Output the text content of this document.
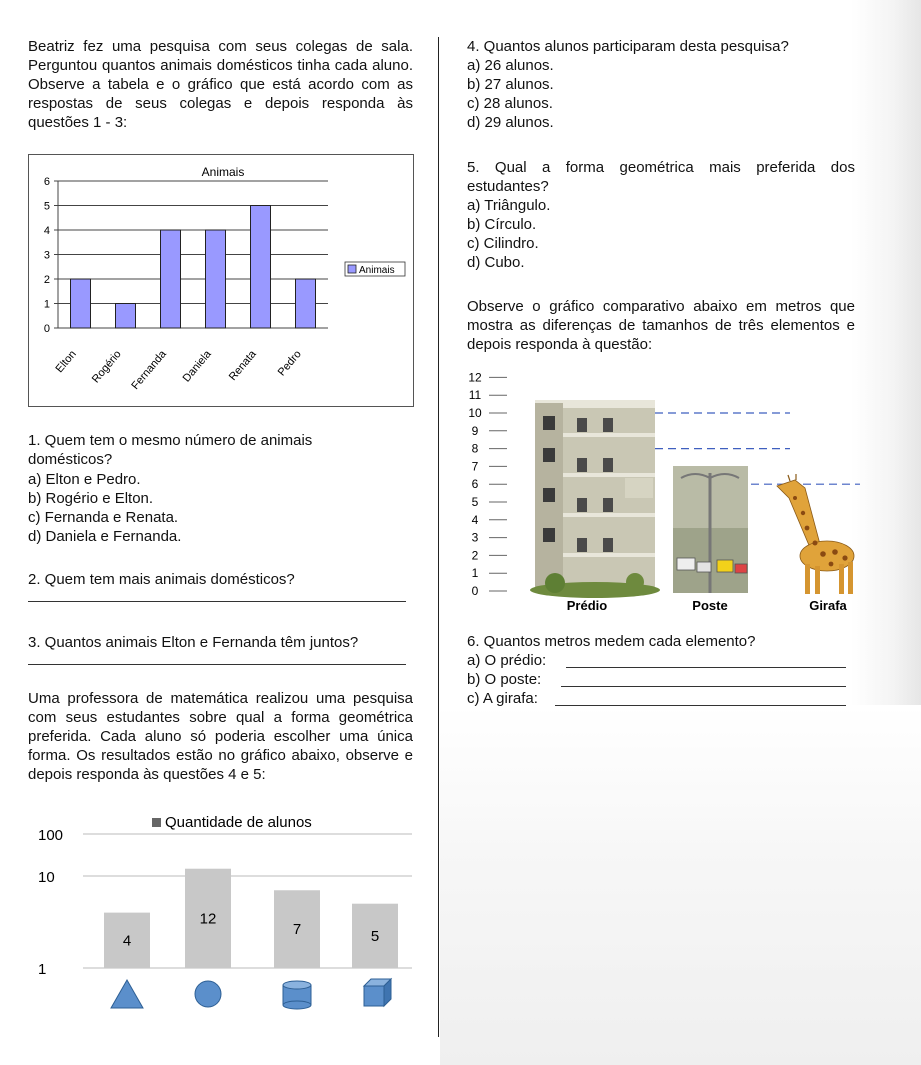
Beatriz fez uma pesquisa com seus colegas de sala. Perguntou quantos animais domésticos tinha cada aluno. Observe a tabela e o gráfico que está acordo com as respostas de seus colegas e depois responda às questões 1 - 3:
Animais
0
1
2
3
4
5
6
Elton Rogério Fernanda Daniela Renata Pedro
Animais
1. Quem tem o mesmo número de animais domésticos?
a) Elton e Pedro.
b) Rogério e Elton.
c) Fernanda e Renata.
d) Daniela e Fernanda.
2. Quem tem mais animais domésticos?
3. Quantos animais Elton e Fernanda têm juntos?
Uma professora de matemática realizou uma pesquisa com seus estudantes sobre qual a forma geométrica preferida. Cada aluno só poderia escolher uma única forma. Os resultados estão no gráfico abaixo, observe e depois responda às questões 4 e 5:
Quantidade de alunos
1
10
100
4
12
7	5
4. Quantos alunos participaram desta pesquisa?
a) 26 alunos.
b) 27 alunos.
c) 28 alunos.
d) 29 alunos.
5. Qual a forma geométrica mais preferida dos estudantes?
a) Triângulo.
b) Círculo.
c) Cilindro.
d) Cubo.
Observe o gráfico comparativo abaixo em metros que mostra as diferenças de tamanhos de três elementos e depois responda à questão:
0
1
2
3
4
5
6
7
8
9
10
11
12
Prédio	Poste	Girafa
6. Quantos metros medem cada elemento?
a) O prédio:
b) O poste:
c) A girafa:
